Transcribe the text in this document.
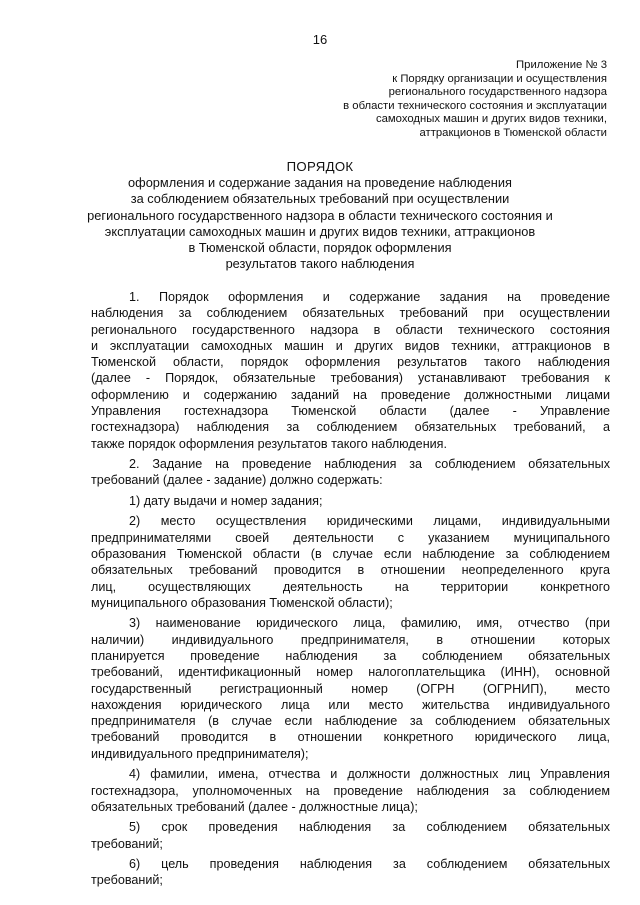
16
Приложение № 3
к Порядку организации и осуществления
регионального государственного надзора
в области технического состояния и эксплуатации
самоходных машин и других видов техники,
аттракционов в Тюменской области
ПОРЯДОК
оформления и содержание задания на проведение наблюдения
за соблюдением обязательных требований при осуществлении
регионального государственного надзора в области технического состояния и
эксплуатации самоходных машин и других видов техники, аттракционов
в Тюменской области, порядок оформления
результатов такого наблюдения
1. Порядок оформления и содержание задания на проведение
наблюдения за соблюдением обязательных требований при осуществлении
регионального государственного надзора в области технического состояния
и эксплуатации самоходных машин и других видов техники, аттракционов в
Тюменской области, порядок оформления результатов такого наблюдения
(далее - Порядок, обязательные требования) устанавливают требования к
оформлению и содержанию заданий на проведение должностными лицами
Управления гостехнадзора Тюменской области (далее - Управление
гостехнадзора) наблюдения за соблюдением обязательных требований, а
также порядок оформления результатов такого наблюдения.
2. Задание на проведение наблюдения за соблюдением обязательных
требований (далее - задание) должно содержать:
1) дату выдачи и номер задания;
2) место осуществления юридическими лицами, индивидуальными
предпринимателями своей деятельности с указанием муниципального
образования Тюменской области (в случае если наблюдение за соблюдением
обязательных требований проводится в отношении неопределенного круга
лиц, осуществляющих деятельность на территории конкретного
муниципального образования Тюменской области);
3) наименование юридического лица, фамилию, имя, отчество (при
наличии) индивидуального предпринимателя, в отношении которых
планируется проведение наблюдения за соблюдением обязательных
требований, идентификационный номер налогоплательщика (ИНН), основной
государственный регистрационный номер (ОГРН (ОГРНИП), место
нахождения юридического лица или место жительства индивидуального
предпринимателя (в случае если наблюдение за соблюдением обязательных
требований проводится в отношении конкретного юридического лица,
индивидуального предпринимателя);
4) фамилии, имена, отчества и должности должностных лиц Управления
гостехнадзора, уполномоченных на проведение наблюдения за соблюдением
обязательных требований (далее - должностные лица);
5) срок проведения наблюдения за соблюдением обязательных
требований;
6) цель проведения наблюдения за соблюдением обязательных
требований;
